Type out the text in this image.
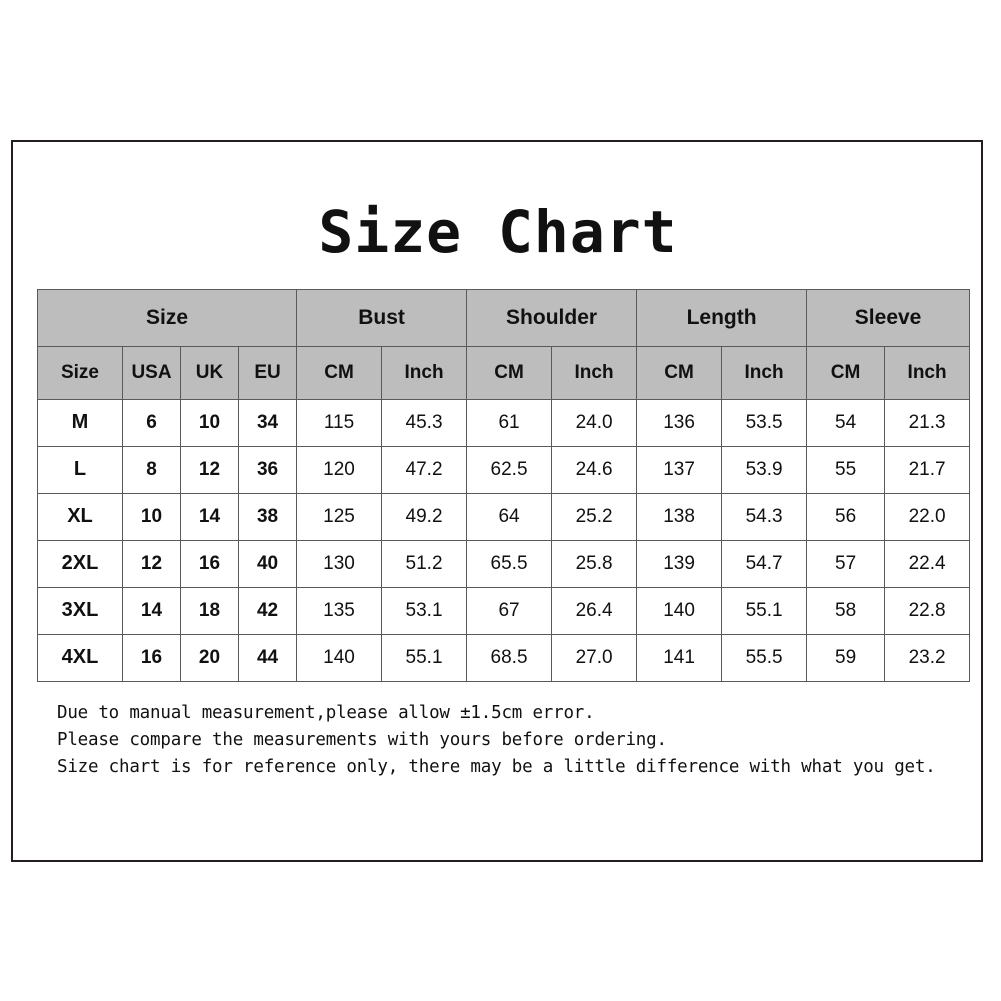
Size Chart
Size				Bust		Shoulder		Length		Sleeve	
Size	USA	UK	EU	CM	Inch	CM	Inch	CM	Inch	CM	Inch
M	6	10	34	115	45.3	61	24.0	136	53.5	54	21.3
L	8	12	36	120	47.2	62.5	24.6	137	53.9	55	21.7
XL	10	14	38	125	49.2	64	25.2	138	54.3	56	22.0
2XL	12	16	40	130	51.2	65.5	25.8	139	54.7	57	22.4
3XL	14	18	42	135	53.1	67	26.4	140	55.1	58	22.8
4XL	16	20	44	140	55.1	68.5	27.0	141	55.5	59	23.2
Due to manual measurement,please allow ±1.5cm error.
Please compare the measurements with yours before ordering.
Size chart is for reference only, there may be a little difference with what you get.
